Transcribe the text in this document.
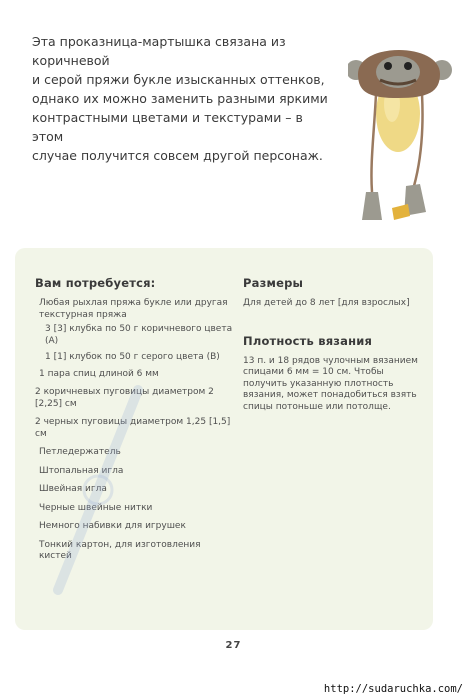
Эта проказница-мартышка связана из коричневой
и серой пряжи букле изысканных оттенков,
однако их можно заменить разными яркими
контрастными цветами и текстурами – в этом
случае получится совсем другой персонаж.
Вам потребуется:
Любая рыхлая пряжа букле или другая текстурная пряжа
3 [3] клубка по 50 г коричневого цвета (А)
1 [1] клубок по 50 г серого цвета (В)
1 пара спиц длиной 6 мм
2 коричневых пуговицы диаметром 2 [2,25] см
2 черных пуговицы диаметром 1,25 [1,5] см
Петледержатель
Штопальная игла
Швейная игла
Черные швейные нитки
Немного набивки для игрушек
Тонкий картон, для изготовления кистей
Размеры
Для детей до 8 лет [для взрослых]
Плотность вязания
13 п. и 18 рядов чулочным вязанием спицами 6 мм = 10 см. Чтобы получить указанную плотность вязания, может понадобиться взять спицы потоньше или потолще.
27
http://sudaruchka.com/
